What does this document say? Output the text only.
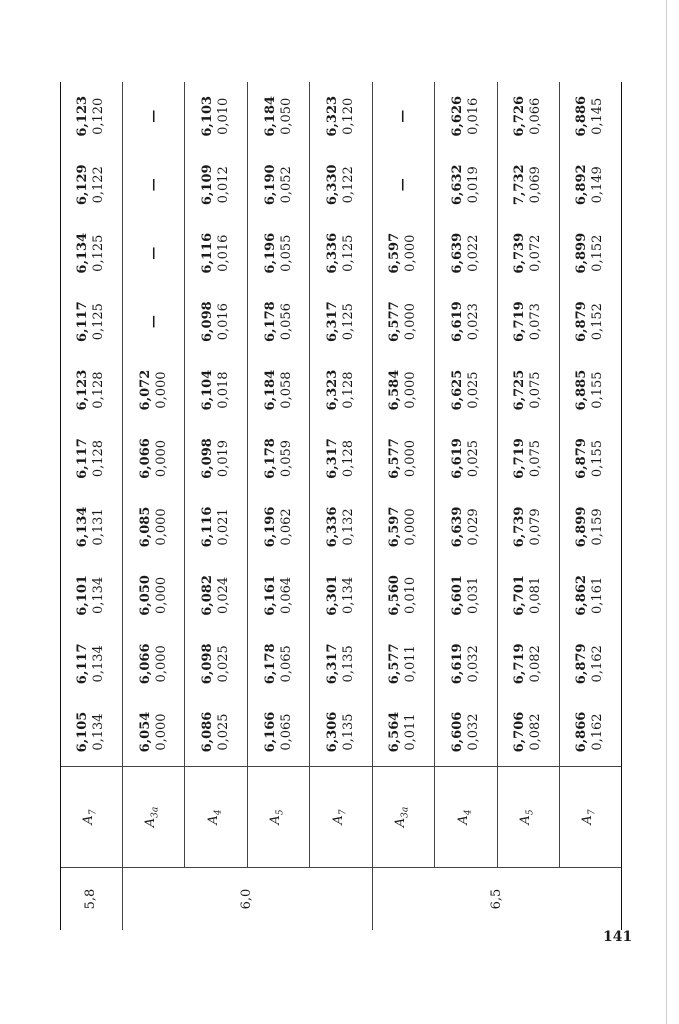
5,8	$A_7$	6,105 0,134	6,117 0,134	6,101 0,134	6,134 0,131	6,117 0,128	6,123 0,128	6,117 0,125	6,134 0,125	6,129 0,122	6,123 0,120

6,0	$A_{3a}$	6,054 0,000	6,066 0,000	6,050 0,000	6,085 0,000	6,066 0,000	6,072 0,000	—	—	—	—

	$A_4$	6,086 0,025	6,098 0,025	6,082 0,024	6,116 0,021	6,098 0,019	6,104 0,018	6,098 0,016	6,116 0,016	6,109 0,012	6,103 0,010

	$A_5$	6,166 0,065	6,178 0,065	6,161 0,064	6,196 0,062	6,178 0,059	6,184 0,058	6,178 0,056	6,196 0,055	6,190 0,052	6,184 0,050

	$A_7$	6,306 0,135	6,317 0,135	6,301 0,134	6,336 0,132	6,317 0,128	6,323 0,128	6,317 0,125	6,336 0,125	6,330 0,122	6,323 0,120

6,5	$A_{3a}$	6,564 0,011	6,577 0,011	6,560 0,010	6,597 0,000	6,577 0,000	6,584 0,000	6,577 0,000	6,597 0,000	—	—

	$A_4$	6,606 0,032	6,619 0,032	6,601 0,031	6,639 0,029	6,619 0,025	6,625 0,025	6,619 0,023	6,639 0,022	6,632 0,019	6,626 0,016

	$A_5$	6,706 0,082	6,719 0,082	6,701 0,081	6,739 0,079	6,719 0,075	6,725 0,075	6,719 0,073	6,739 0,072	7,732 0,069	6,726 0,066

	$A_7$	6,866 0,162	6,879 0,162	6,862 0,161	6,899 0,159	6,879 0,155	6,885 0,155	6,879 0,152	6,899 0,152	6,892 0,149	6,886 0,145
141
